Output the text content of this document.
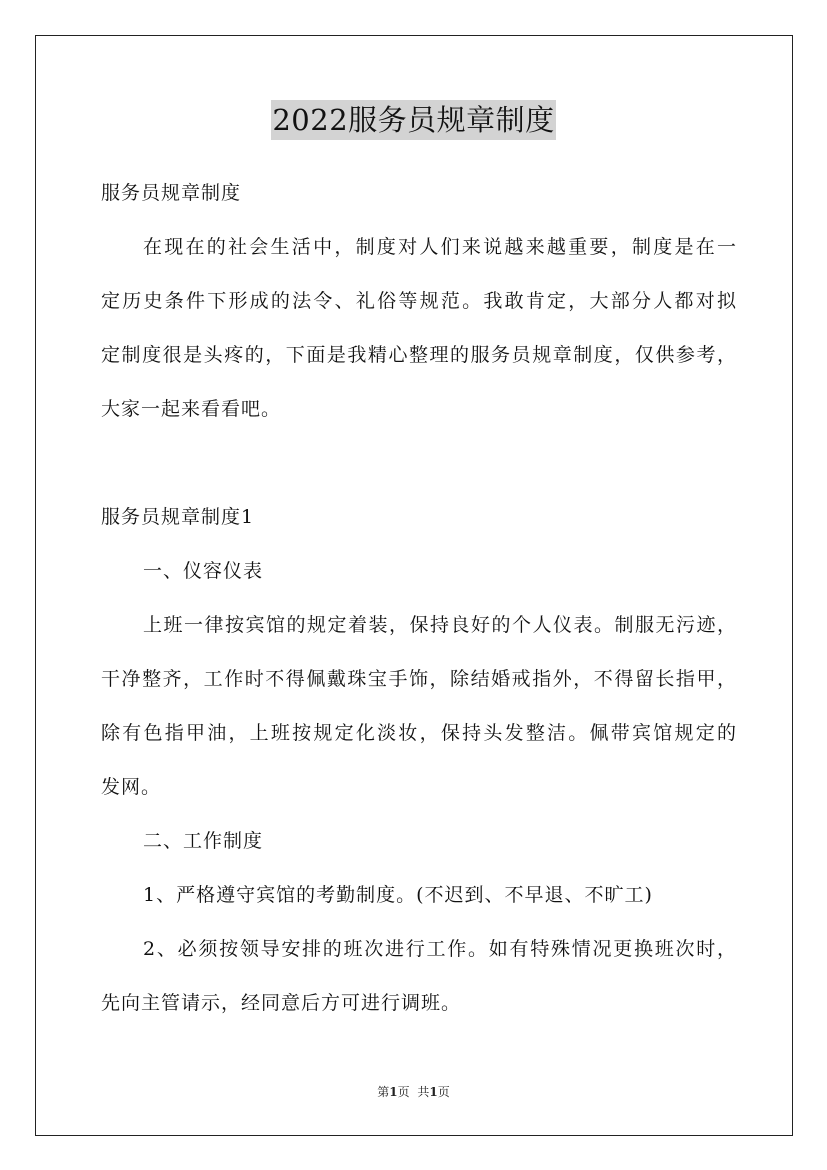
2022服务员规章制度
服务员规章制度
在现在的社会生活中，制度对人们来说越来越重要，制度是在一
定历史条件下形成的法令、礼俗等规范。我敢肯定，大部分人都对拟
定制度很是头疼的，下面是我精心整理的服务员规章制度，仅供参考，
大家一起来看看吧。
服务员规章制度1
一、仪容仪表
上班一律按宾馆的规定着装，保持良好的个人仪表。制服无污迹，
干净整齐，工作时不得佩戴珠宝手饰，除结婚戒指外，不得留长指甲，
除有色指甲油，上班按规定化淡妆，保持头发整洁。佩带宾馆规定的
发网。
二、工作制度
1、严格遵守宾馆的考勤制度。(不迟到、不早退、不旷工)
2、必须按领导安排的班次进行工作。如有特殊情况更换班次时，
先向主管请示，经同意后方可进行调班。
第1页 共1页
